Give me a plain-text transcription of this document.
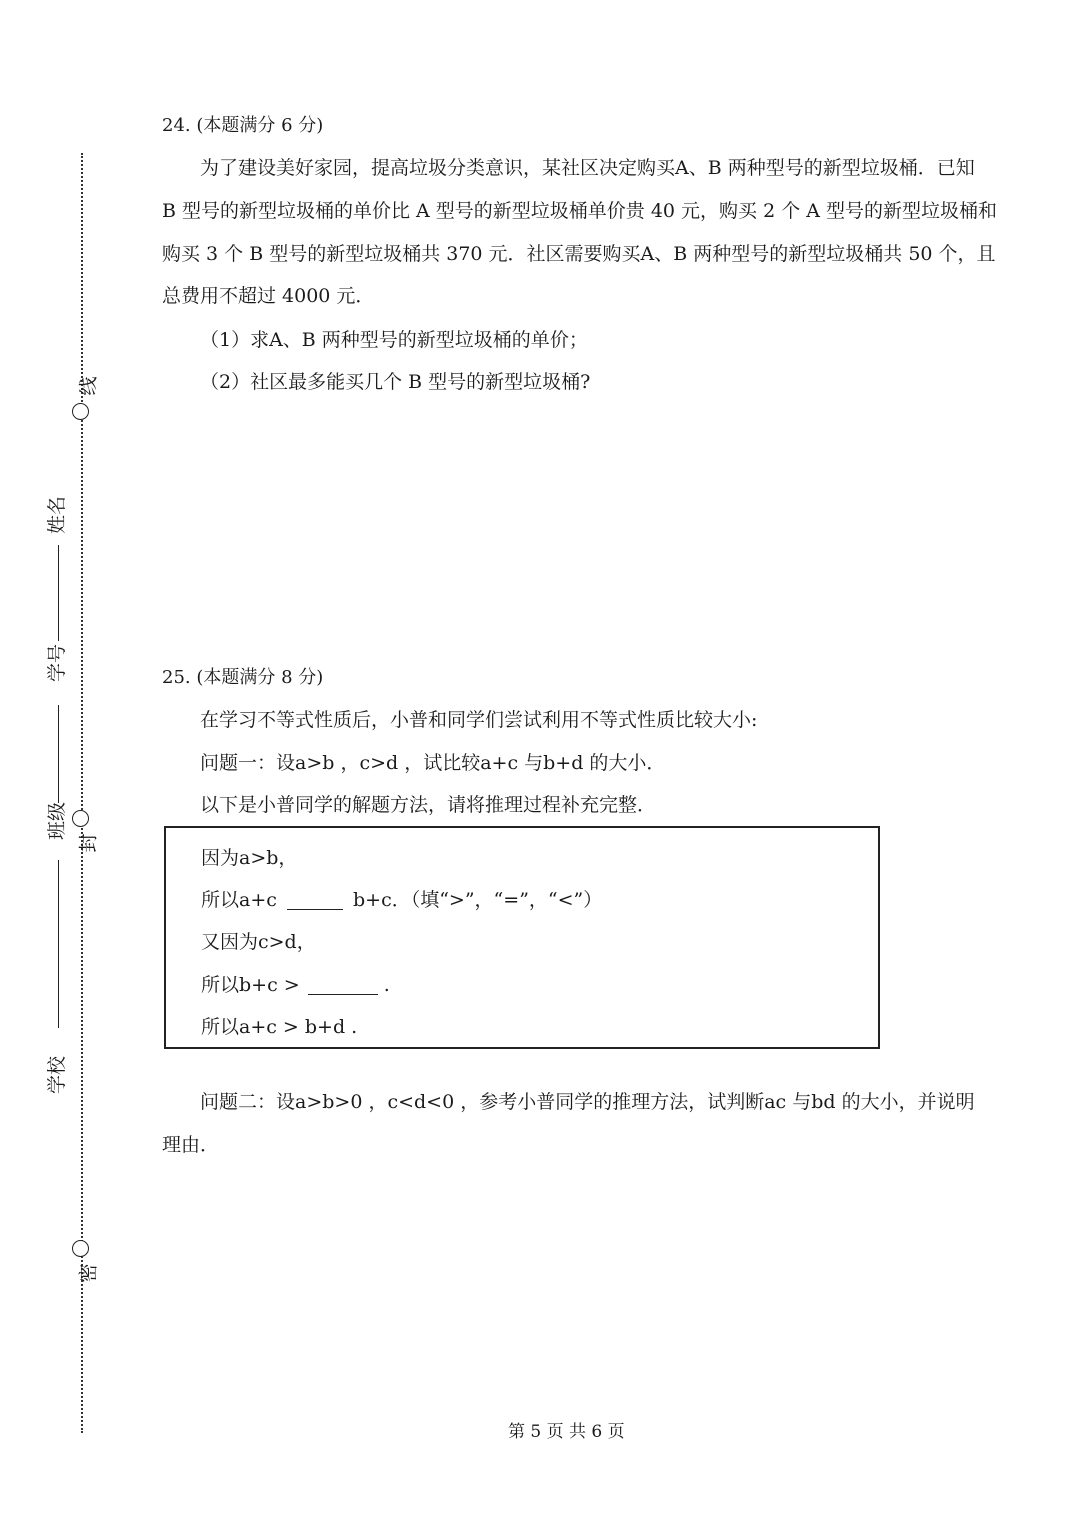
线
姓名
学号
班级
封
学校
密
24. (本题满分 6 分)
为了建设美好家园，提高垃圾分类意识，某社区决定购买A、B 两种型号的新型垃圾桶．已知
B 型号的新型垃圾桶的单价比 A 型号的新型垃圾桶单价贵 40 元，购买 2 个 A 型号的新型垃圾桶和
购买 3 个 B 型号的新型垃圾桶共 370 元．社区需要购买A、B 两种型号的新型垃圾桶共 50 个，且
总费用不超过 4000 元．
（1）求A、B 两种型号的新型垃圾桶的单价；
（2）社区最多能买几个 B 型号的新型垃圾桶?
25. (本题满分 8 分)
在学习不等式性质后，小普和同学们尝试利用不等式性质比较大小:
问题一：设a>b ，c>d ，试比较a+c 与b+d 的大小．
以下是小普同学的解题方法，请将推理过程补充完整．
因为a>b，
所以a+c	b+c．（填“>”，“=”，“<”）
又因为c>d，
所以b+c >	.
所以a+c > b+d .
问题二：设a>b>0 ，c<d<0 ，参考小普同学的推理方法，试判断ac 与bd 的大小，并说明
理由．
第 5 页 共 6 页
